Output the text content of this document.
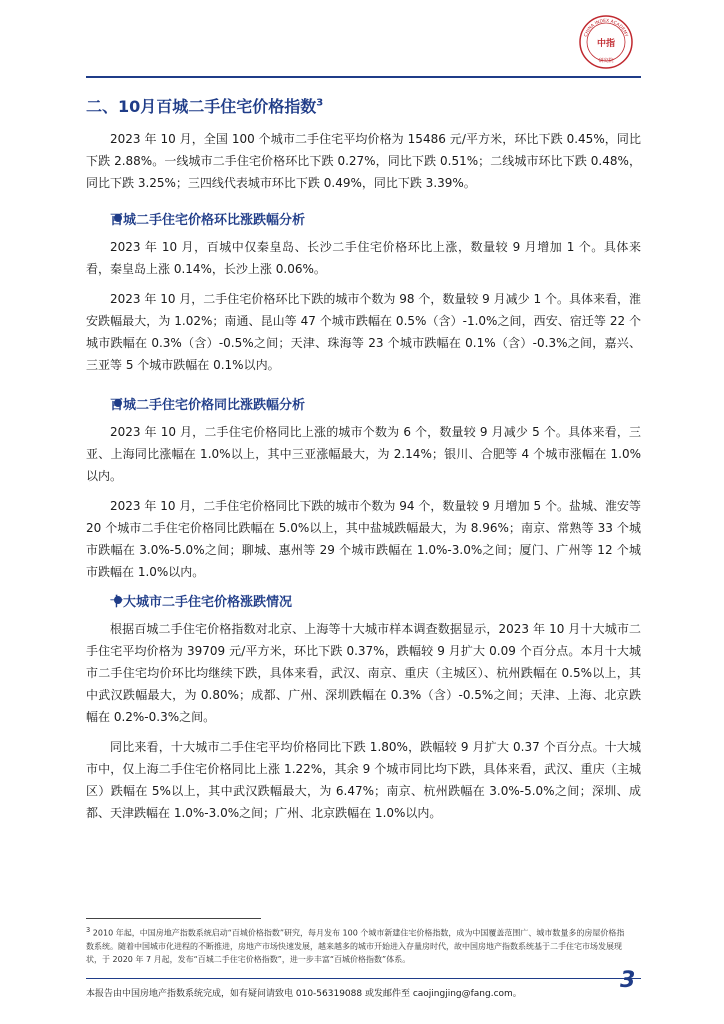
CHINA INDEX ACADEMY
中指
研究院
二、10月百城二手住宅价格指数$^3$

2023 年 10 月，全国 100 个城市二手住宅平均价格为 15486 元/平方米，环比下跌 0.45%，同比下跌 2.88%。一线城市二手住宅价格环比下跌 0.27%，同比下跌 0.51%；二线城市环比下跌 0.48%，同比下跌 3.25%；三四线代表城市环比下跌 0.49%，同比下跌 3.39%。

百城二手住宅价格环比涨跌幅分析

2023 年 10 月，百城中仅秦皇岛、长沙二手住宅价格环比上涨，数量较 9 月增加 1 个。具体来看，秦皇岛上涨 0.14%，长沙上涨 0.06%。

2023 年 10 月，二手住宅价格环比下跌的城市个数为 98 个，数量较 9 月减少 1 个。具体来看，淮安跌幅最大，为 1.02%；南通、昆山等 47 个城市跌幅在 0.5%（含）-1.0%之间，西安、宿迁等 22 个城市跌幅在 0.3%（含）-0.5%之间；天津、珠海等 23 个城市跌幅在 0.1%（含）-0.3%之间，嘉兴、三亚等 5 个城市跌幅在 0.1%以内。

百城二手住宅价格同比涨跌幅分析

2023 年 10 月，二手住宅价格同比上涨的城市个数为 6 个，数量较 9 月减少 5 个。具体来看，三亚、上海同比涨幅在 1.0%以上，其中三亚涨幅最大，为 2.14%；银川、合肥等 4 个城市涨幅在 1.0%以内。

2023 年 10 月，二手住宅价格同比下跌的城市个数为 94 个，数量较 9 月增加 5 个。盐城、淮安等 20 个城市二手住宅价格同比跌幅在 5.0%以上，其中盐城跌幅最大，为 8.96%；南京、常熟等 33 个城市跌幅在 3.0%-5.0%之间；聊城、惠州等 29 个城市跌幅在 1.0%-3.0%之间；厦门、广州等 12 个城市跌幅在 1.0%以内。

十大城市二手住宅价格涨跌情况

根据百城二手住宅价格指数对北京、上海等十大城市样本调查数据显示，2023 年 10 月十大城市二手住宅平均价格为 39709 元/平方米，环比下跌 0.37%，跌幅较 9 月扩大 0.09 个百分点。本月十大城市二手住宅均价环比均继续下跌，具体来看，武汉、南京、重庆（主城区）、杭州跌幅在 0.5%以上，其中武汉跌幅最大，为 0.80%；成都、广州、深圳跌幅在 0.3%（含）-0.5%之间；天津、上海、北京跌幅在 0.2%-0.3%之间。

同比来看，十大城市二手住宅平均价格同比下跌 1.80%，跌幅较 9 月扩大 0.37 个百分点。十大城市中，仅上海二手住宅价格同比上涨 1.22%，其余 9 个城市同比均下跌，具体来看，武汉、重庆（主城区）跌幅在 5%以上，其中武汉跌幅最大，为 6.47%；南京、杭州跌幅在 3.0%-5.0%之间；深圳、成都、天津跌幅在 1.0%-3.0%之间；广州、北京跌幅在 1.0%以内。

$^3$ 2010 年起，中国房地产指数系统启动“百城价格指数”研究，每月发布 100 个城市新建住宅价格指数，成为中国覆盖范围广、城市数量多的房屋价格指数系统。随着中国城市化进程的不断推进，房地产市场快速发展，越来越多的城市开始进入存量房时代，故中国房地产指数系统基于二手住宅市场发展现状，于 2020 年 7 月起，发布“百城二手住宅价格指数”，进一步丰富“百城价格指数”体系。

本报告由中国房地产指数系统完成，如有疑问请致电 010-56319088 或发邮件至 caojingjing@fang.com。

3
